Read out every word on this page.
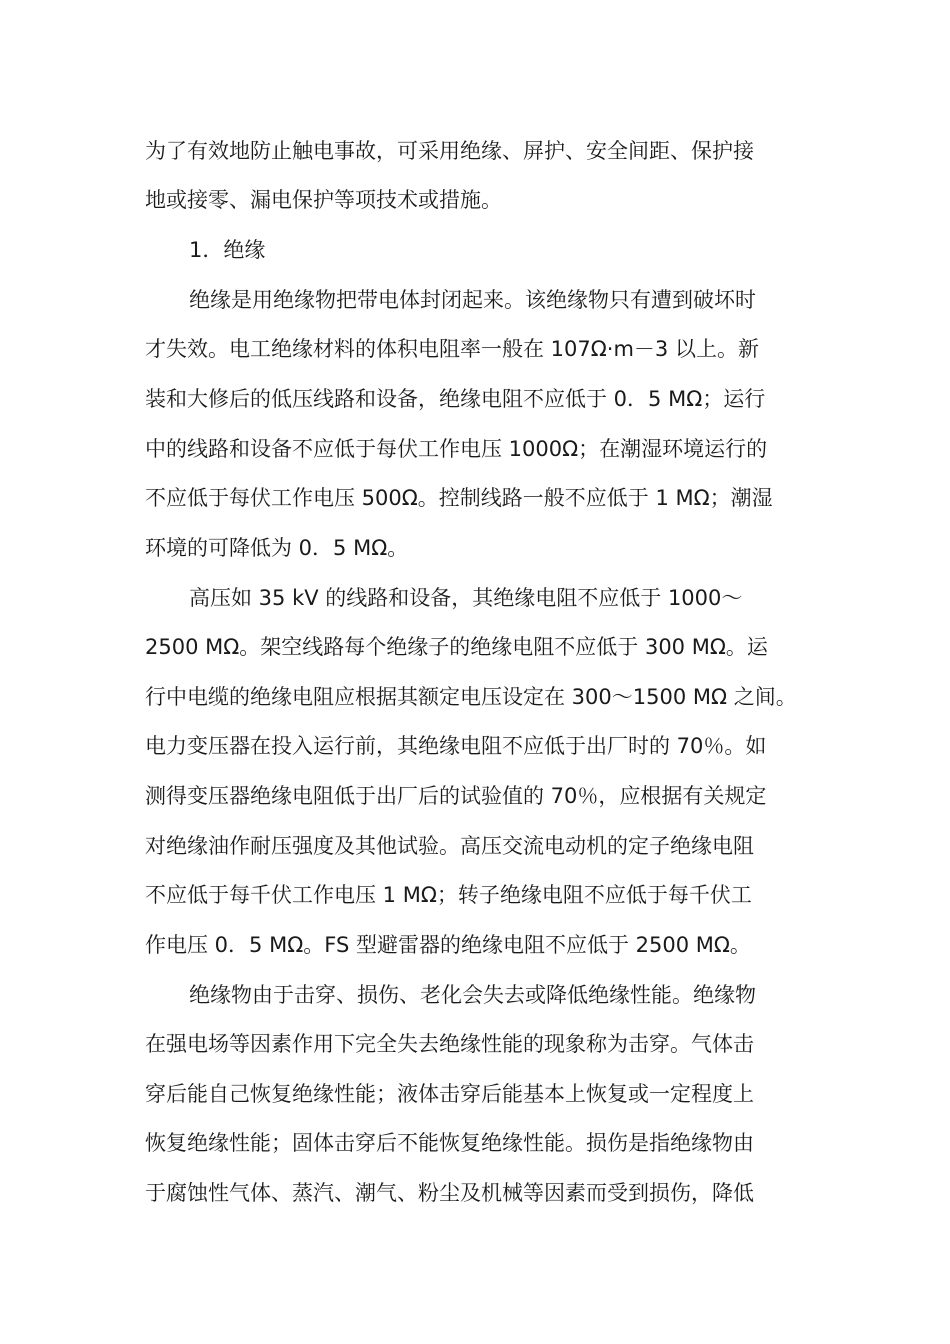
为了有效地防止触电事故，可采用绝缘、屏护、安全间距、保护接
地或接零、漏电保护等项技术或措施。
1．绝缘
绝缘是用绝缘物把带电体封闭起来。该绝缘物只有遭到破坏时
才失效。电工绝缘材料的体积电阻率一般在 107Ω·m－3 以上。新
装和大修后的低压线路和设备，绝缘电阻不应低于 0．5 MΩ；运行
中的线路和设备不应低于每伏工作电压 1000Ω；在潮湿环境运行的
不应低于每伏工作电压 500Ω。控制线路一般不应低于 1 MΩ；潮湿
环境的可降低为 0．5 MΩ。
高压如 35 kV 的线路和设备，其绝缘电阻不应低于 1000～
2500 MΩ。架空线路每个绝缘子的绝缘电阻不应低于 300 MΩ。运
行中电缆的绝缘电阻应根据其额定电压设定在 300～1500 MΩ 之间。
电力变压器在投入运行前，其绝缘电阻不应低于出厂时的 70％。如
测得变压器绝缘电阻低于出厂后的试验值的 70％，应根据有关规定
对绝缘油作耐压强度及其他试验。高压交流电动机的定子绝缘电阻
不应低于每千伏工作电压 1 MΩ；转子绝缘电阻不应低于每千伏工
作电压 0．5 MΩ。FS 型避雷器的绝缘电阻不应低于 2500 MΩ。
绝缘物由于击穿、损伤、老化会失去或降低绝缘性能。绝缘物
在强电场等因素作用下完全失去绝缘性能的现象称为击穿。气体击
穿后能自己恢复绝缘性能；液体击穿后能基本上恢复或一定程度上
恢复绝缘性能；固体击穿后不能恢复绝缘性能。损伤是指绝缘物由
于腐蚀性气体、蒸汽、潮气、粉尘及机械等因素而受到损伤，降低
